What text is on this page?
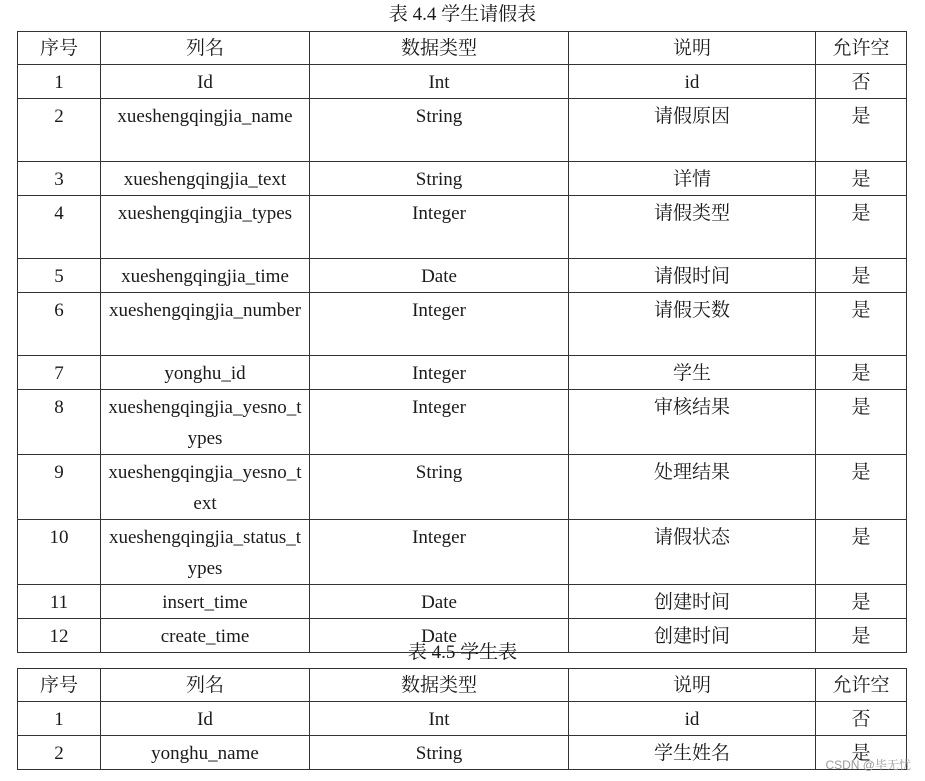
表 4.4 学生请假表
序号	列名	数据类型	说明	允许空
1	Id	Int	id	否
2	xueshengqingjia_name	String	请假原因	是
3	xueshengqingjia_text	String	详情	是
4	xueshengqingjia_types	Integer	请假类型	是
5	xueshengqingjia_time	Date	请假时间	是
6	xueshengqingjia_number	Integer	请假天数	是
7	yonghu_id	Integer	学生	是
8	xueshengqingjia_yesno_types	Integer	审核结果	是
9	xueshengqingjia_yesno_text	String	处理结果	是
10	xueshengqingjia_status_types	Integer	请假状态	是
11	insert_time	Date	创建时间	是
12	create_time	Date	创建时间	是
表 4.5 学生表
序号	列名	数据类型	说明	允许空
1	Id	Int	id	否
2	yonghu_name	String	学生姓名	是
CSDN @毕无忧
